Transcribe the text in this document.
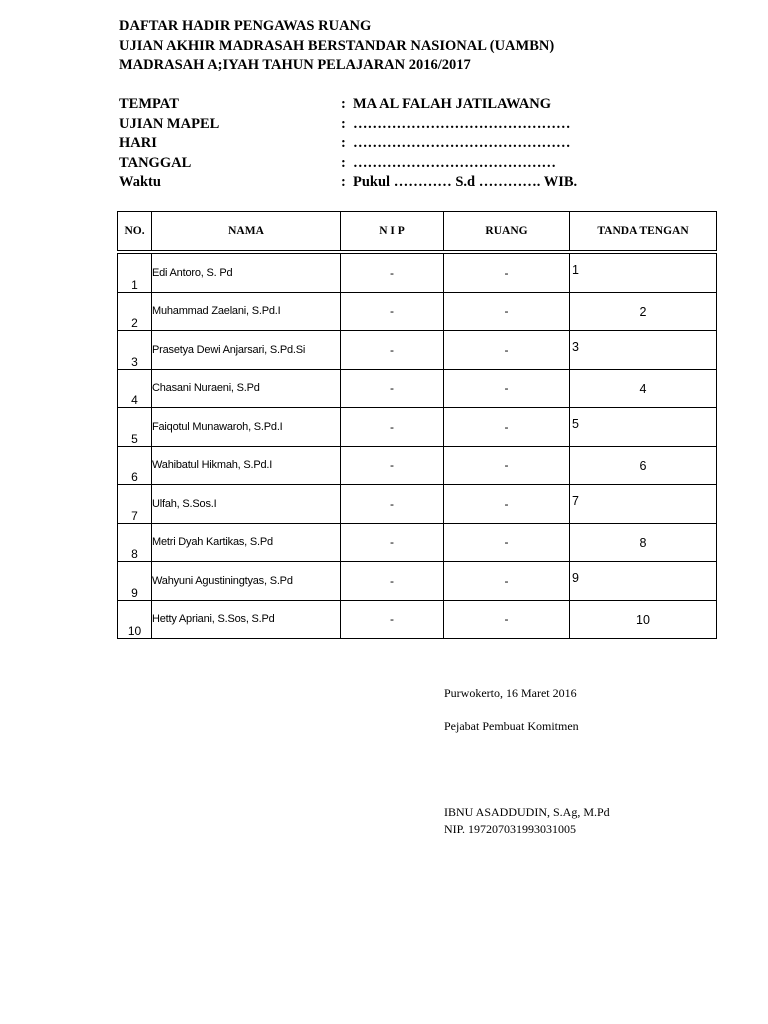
DAFTAR HADIR PENGAWAS RUANG
UJIAN AKHIR MADRASAH BERSTANDAR NASIONAL (UAMBN)
MADRASAH A;IYAH TAHUN PELAJARAN 2016/2017
TEMPAT	: MA AL FALAH JATILAWANG
UJIAN MAPEL	: ………………………………………
HARI	: ………………………………………
TANGGAL	: ……………………………………
Waktu	: Pukul ………… S.d …………. WIB.
NO.	NAMA	N I P	RUANG	TANDA TENGAN
1	Edi Antoro, S. Pd	-	-	1

2	Muhammad Zaelani, S.Pd.I	-	-	2

3	Prasetya Dewi Anjarsari, S.Pd.Si	-	-	3

4	Chasani Nuraeni, S.Pd	-	-	4

5	Faiqotul Munawaroh, S.Pd.I	-	-	5

6	Wahibatul Hikmah, S.Pd.I	-	-	6

7	Ulfah, S.Sos.I	-	-	7

8	Metri Dyah Kartikas, S.Pd	-	-	8

9	Wahyuni Agustiningtyas, S.Pd	-	-	9

10	Hetty Apriani, S.Sos, S.Pd	-	-	10
Purwokerto, 16 Maret 2016
Pejabat Pembuat Komitmen
IBNU ASADDUDIN, S.Ag, M.Pd
NIP. 197207031993031005
